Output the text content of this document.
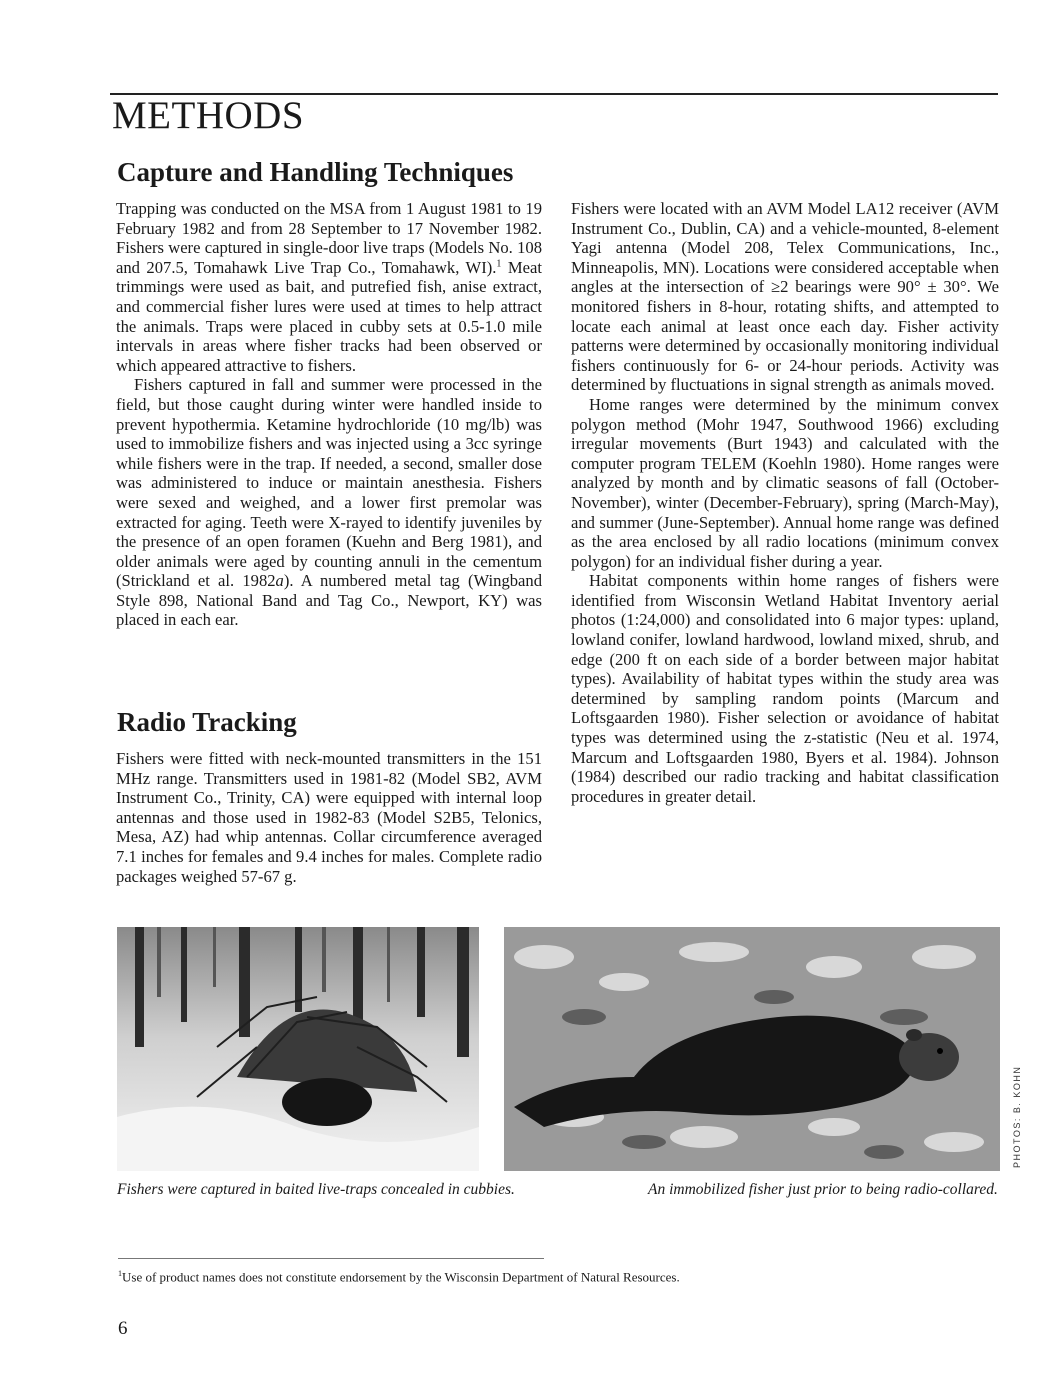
METHODS
Capture and Handling Techniques

Trapping was conducted on the MSA from 1 August 1981 to 19 February 1982 and from 28 September to 17 November 1982. Fishers were captured in single-door live traps (Models No. 108 and 207.5, Tomahawk Live Trap Co., Tomahawk, WI).$^1$ Meat trimmings were used as bait, and putrefied fish, anise extract, and commercial fisher lures were used at times to help attract the animals. Traps were placed in cubby sets at 0.5-1.0 mile intervals in areas where fisher tracks had been observed or which appeared attractive to fishers.

Fishers captured in fall and summer were processed in the field, but those caught during winter were handled inside to prevent hypothermia. Ketamine hydrochloride (10 mg/lb) was used to immobilize fishers and was injected using a 3cc syringe while fishers were in the trap. If needed, a second, smaller dose was administered to induce or maintain anesthesia. Fishers were sexed and weighed, and a lower first premolar was extracted for aging. Teeth were X-rayed to identify juveniles by the presence of an open foramen (Kuehn and Berg 1981), and older animals were aged by counting annuli in the cementum (Strickland et al. 1982a). A numbered metal tag (Wingband Style 898, National Band and Tag Co., Newport, KY) was placed in each ear.

Radio Tracking

Fishers were fitted with neck-mounted transmitters in the 151 MHz range. Transmitters used in 1981-82 (Model SB2, AVM Instrument Co., Trinity, CA) were equipped with internal loop antennas and those used in 1982-83 (Model S2B5, Telonics, Mesa, AZ) had whip antennas. Collar circumference averaged 7.1 inches for females and 9.4 inches for males. Complete radio packages weighed 57-67 g.

Fishers were located with an AVM Model LA12 receiver (AVM Instrument Co., Dublin, CA) and a vehicle-mounted, 8-element Yagi antenna (Model 208, Telex Communications, Inc., Minneapolis, MN). Locations were considered acceptable when angles at the intersection of ≥2 bearings were 90° ± 30°. We monitored fishers in 8-hour, rotating shifts, and attempted to locate each animal at least once each day. Fisher activity patterns were determined by occasionally monitoring individual fishers continuously for 6- or 24-hour periods. Activity was determined by fluctuations in signal strength as animals moved.

Home ranges were determined by the minimum convex polygon method (Mohr 1947, Southwood 1966) excluding irregular movements (Burt 1943) and calculated with the computer program TELEM (Koehln 1980). Home ranges were analyzed by month and by climatic seasons of fall (October-November), winter (December-February), spring (March-May), and summer (June-September). Annual home range was defined as the area enclosed by all radio locations (minimum convex polygon) for an individual fisher during a year.

Habitat components within home ranges of fishers were identified from Wisconsin Wetland Habitat Inventory aerial photos (1:24,000) and consolidated into 6 major types: upland, lowland conifer, lowland hardwood, lowland mixed, shrub, and edge (200 ft on each side of a border between major habitat types). Availability of habitat types within the study area was determined by sampling random points (Marcum and Loftsgaarden 1980). Fisher selection or avoidance of habitat types was determined using the z-statistic (Neu et al. 1974, Marcum and Loftsgaarden 1980, Byers et al. 1984). Johnson (1984) described our radio tracking and habitat classification procedures in greater detail.

Fishers were captured in baited live-traps concealed in cubbies.
PHOTOS: B. KOHN
An immobilized fisher just prior to being radio-collared.
$^1$Use of product names does not constitute endorsement by the Wisconsin Department of Natural Resources.
6
